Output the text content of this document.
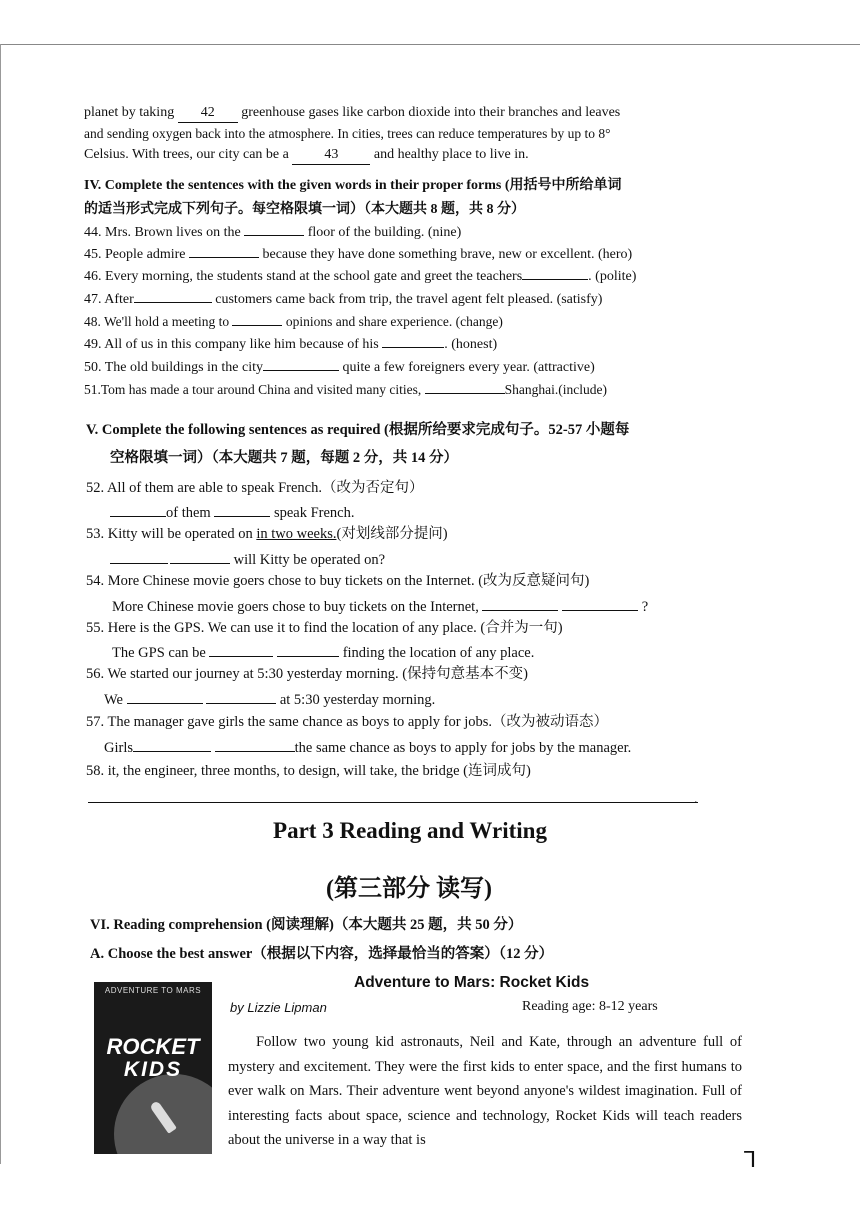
planet by taking 42 greenhouse gases like carbon dioxide into their branches and leaves
and sending oxygen back into the atmosphere. In cities, trees can reduce temperatures by up to 8°
Celsius. With trees, our city can be a	43	and healthy place to live in.
IV. Complete the sentences with the given words in their proper forms (用括号中所给单词
的适当形式完成下列句子。每空格限填一词）（本大题共 8 题，共 8 分）
44. Mrs. Brown lives on the	floor of the building. (nine)
45. People admire	because they have done something brave, new or excellent. (hero)
46. Every morning, the students stand at the school gate and greet the teachers	. (polite)
47. After	customers came back from trip, the travel agent felt pleased. (satisfy)
48. We'll hold a meeting to	opinions and share experience. (change)
49. All of us in this company like him because of his	. (honest)
50. The old buildings in the city	quite a few foreigners every year. (attractive)
51.Tom has made a tour around China and visited many cities,	Shanghai.(include)
V. Complete the following sentences as required (根据所给要求完成句子。52-57 小题每
空格限填一词）（本大题共 7 题，每题 2 分，共 14 分）
52. All of them are able to speak French.（改为否定句）
of them	speak French.
53. Kitty will be operated on in two weeks.(对划线部分提问)
will Kitty be operated on?
54. More Chinese movie goers chose to buy tickets on the Internet. (改为反意疑问句)
More Chinese movie goers chose to buy tickets on the Internet,	?
55. Here is the GPS. We can use it to find the location of any place. (合并为一句)
The GPS can be	finding the location of any place.
56. We started our journey at 5:30 yesterday morning. (保持句意基本不变)
We	at 5:30 yesterday morning.
57. The manager gave girls the same chance as boys to apply for jobs.（改为被动语态）
Girls	the same chance as boys to apply for jobs by the manager.
58. it, the engineer, three months, to design, will take, the bridge (连词成句)
.
Part 3 Reading and Writing
(第三部分 读写)
VI. Reading comprehension (阅读理解)（本大题共 25 题，共 50 分）
A. Choose the best answer（根据以下内容，选择最恰当的答案）（12 分）
ADVENTURE TO MARS
ROCKET
KIDS
Adventure to Mars: Rocket Kids
by Lizzie Lipman	Reading age: 8-12 years
Follow two young kid astronauts, Neil and Kate, through an adventure full of mystery and excitement. They were the first kids to enter space, and the first humans to ever walk on Mars. Their adventure went beyond anyone's wildest imagination. Full of interesting facts about space, science and technology, Rocket Kids will teach readers about the universe in a way that is
⅂
